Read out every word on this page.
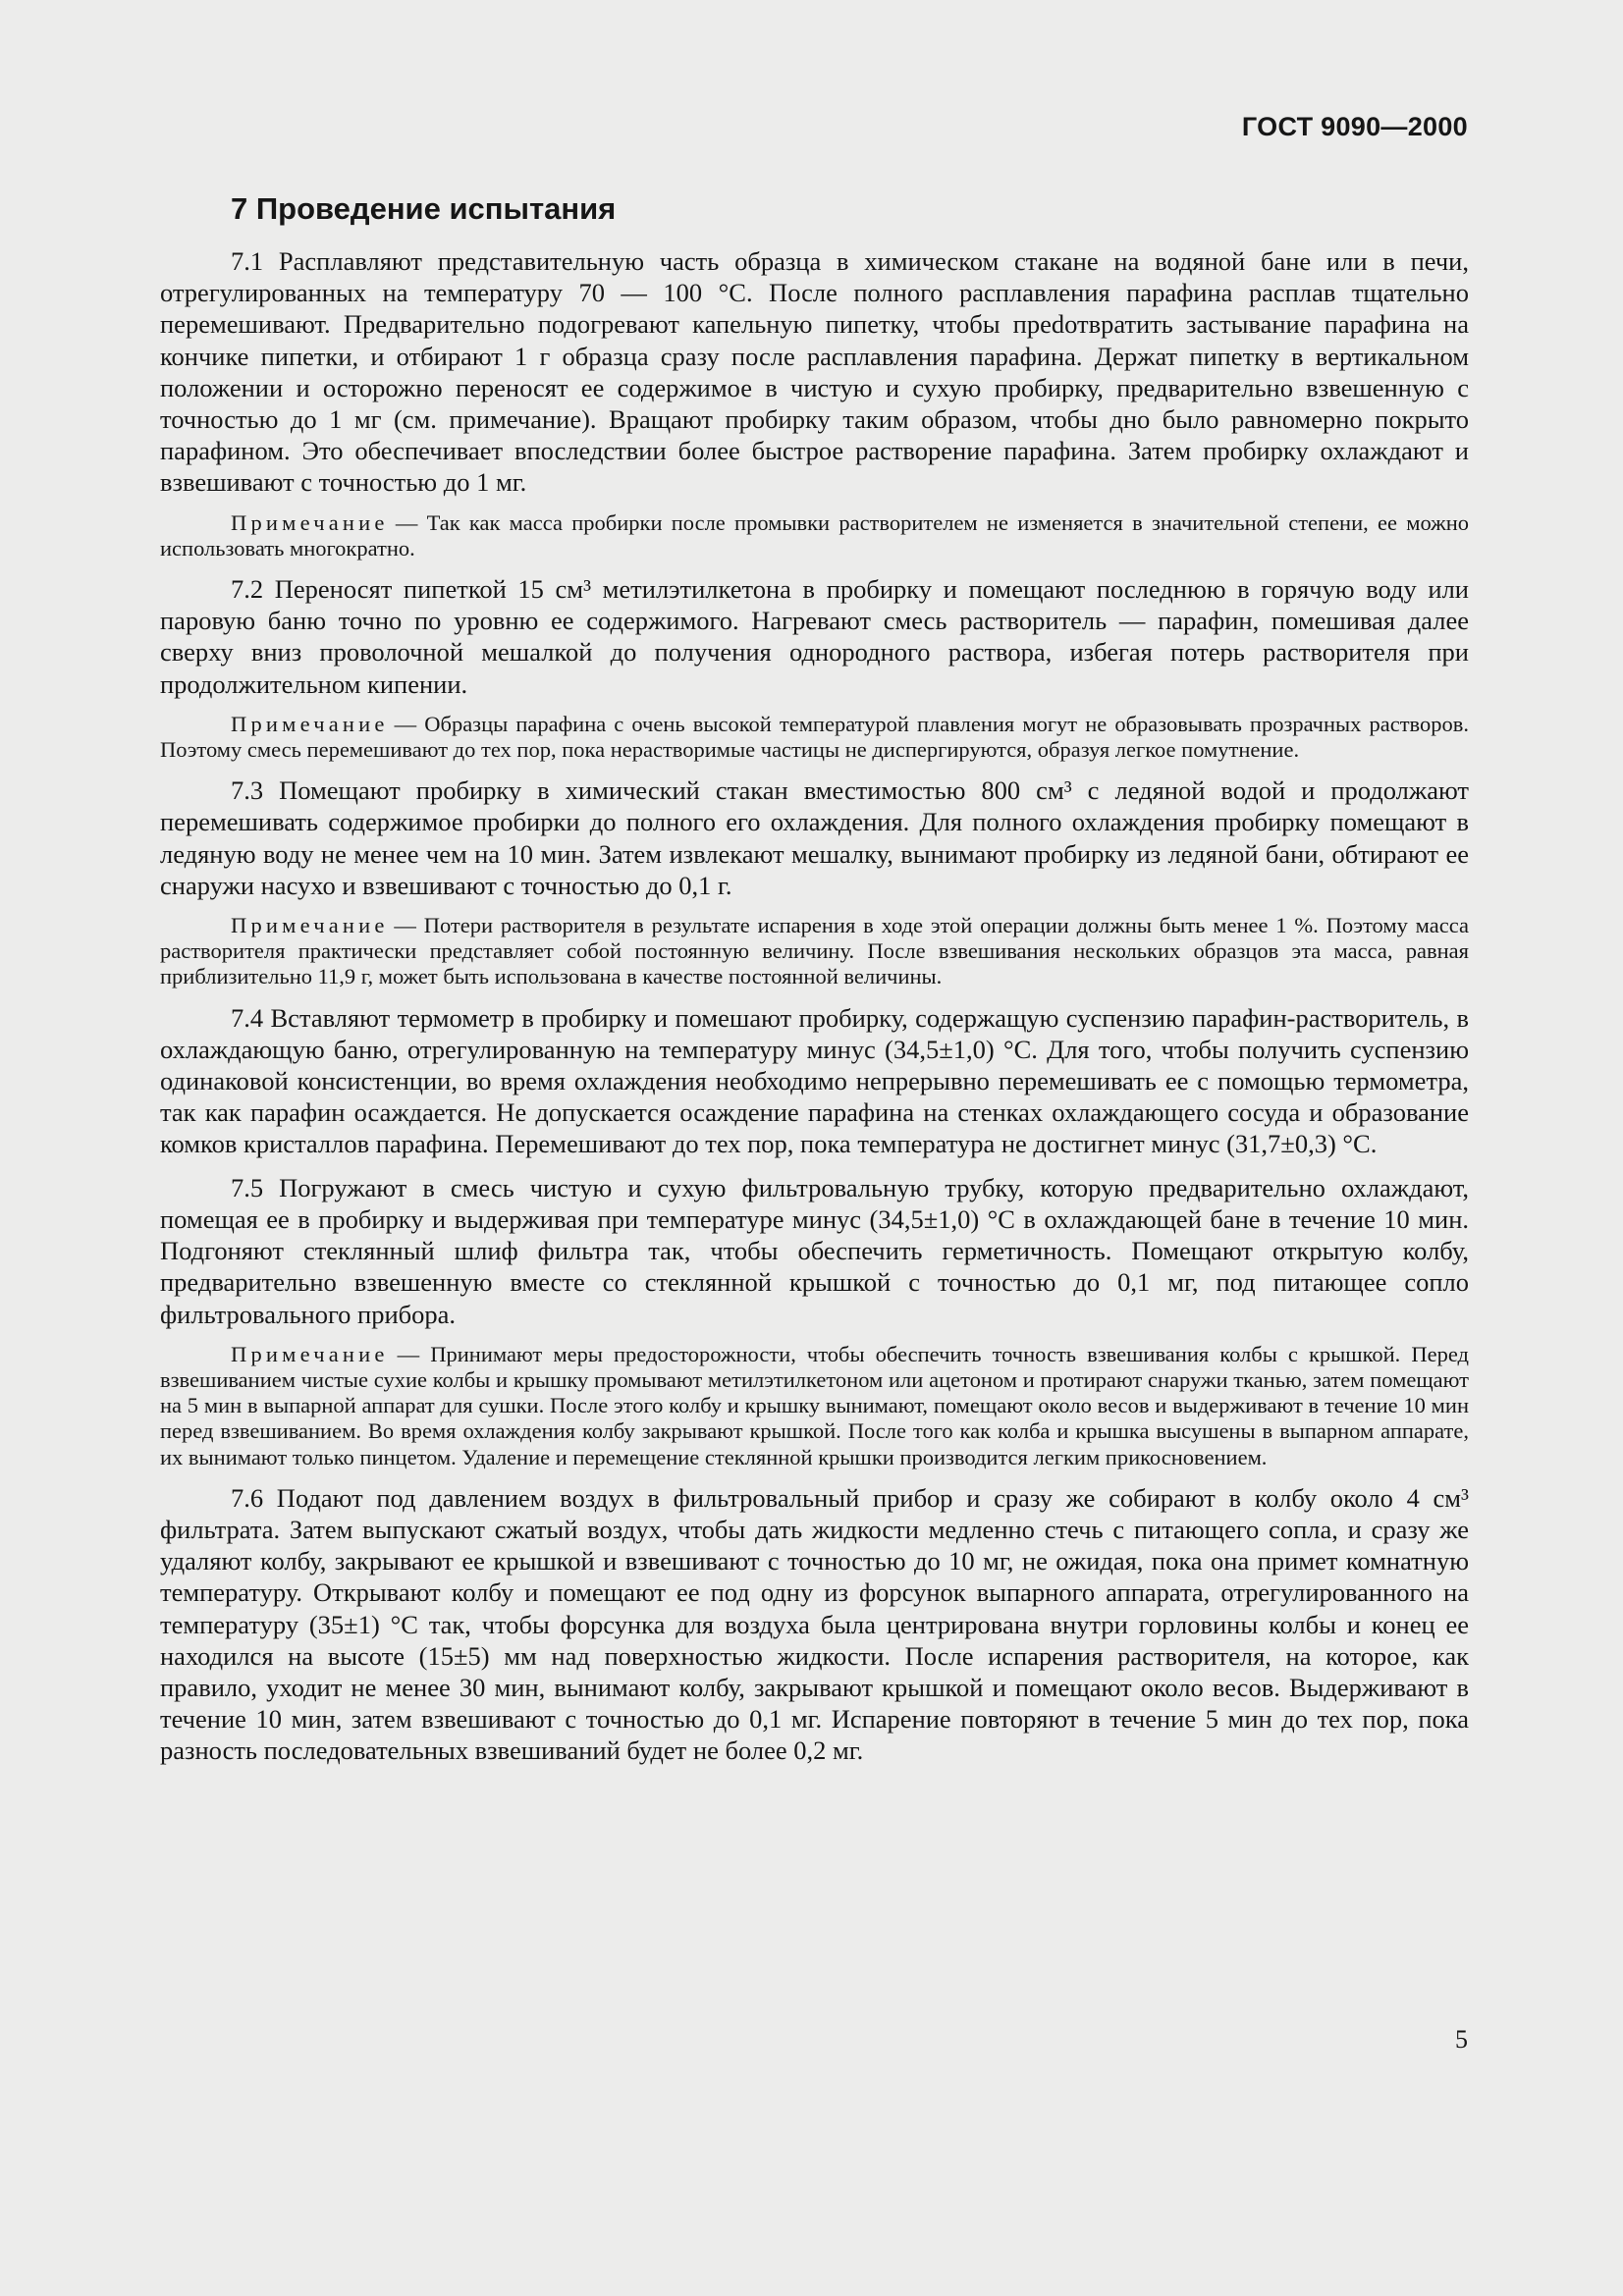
ГОСТ 9090—2000

7 Проведение испытания

7.1 Расплавляют представительную часть образца в химическом стакане на водяной бане или в печи, отрегулированных на температуру 70 — 100 °С. После полного расплавления парафина расплав тщательно перемешивают. Предварительно подогревают капельную пипетку, чтобы преdотвратить застывание парафина на кончике пипетки, и отбирают 1 г образца сразу после расплавления парафина. Держат пипетку в вертикальном положении и осторожно переносят ее содержимое в чистую и сухую пробирку, предварительно взвешенную с точностью до 1 мг (см. примечание). Вращают пробирку таким образом, чтобы дно было равномерно покрыто парафином. Это обеспечивает впоследствии более быстрое растворение парафина. Затем пробирку охлаждают и взвешивают с точностью до 1 мг.

Примечание — Так как масса пробирки после промывки растворителем не изменяется в значительной степени, ее можно использовать многократно.

7.2 Переносят пипеткой 15 см³ метилэтилкетона в пробирку и помещают последнюю в горячую воду или паровую баню точно по уровню ее содержимого. Нагревают смесь растворитель — парафин, помешивая далее сверху вниз проволочной мешалкой до получения однородного раствора, избегая потерь растворителя при продолжительном кипении.

Примечание — Образцы парафина с очень высокой температурой плавления могут не образовывать прозрачных растворов. Поэтому смесь перемешивают до тех пор, пока нерастворимые частицы не диспергируются, образуя легкое помутнение.

7.3 Помещают пробирку в химический стакан вместимостью 800 см³ с ледяной водой и продолжают перемешивать содержимое пробирки до полного его охлаждения. Для полного охлаждения пробирку помещают в ледяную воду не менее чем на 10 мин. Затем извлекают мешалку, вынимают пробирку из ледяной бани, обтирают ее снаружи насухо и взвешивают с точностью до 0,1 г.

Примечание — Потери растворителя в результате испарения в ходе этой операции должны быть менее 1 %. Поэтому масса растворителя практически представляет собой постоянную величину. После взвешивания нескольких образцов эта масса, равная приблизительно 11,9 г, может быть использована в качестве постоянной величины.

7.4 Вставляют термометр в пробирку и помешают пробирку, содержащую суспензию парафин-растворитель, в охлаждающую баню, отрегулированную на температуру минус (34,5±1,0) °С. Для того, чтобы получить суспензию одинаковой консистенции, во время охлаждения необходимо непрерывно перемешивать ее с помощью термометра, так как парафин осаждается. Не допускается осаждение парафина на стенках охлаждающего сосуда и образование комков кристаллов парафина. Перемешивают до тех пор, пока температура не достигнет минус (31,7±0,3) °С.

7.5 Погружают в смесь чистую и сухую фильтровальную трубку, которую предварительно охлаждают, помещая ее в пробирку и выдерживая при температуре минус (34,5±1,0) °С в охлаждающей бане в течение 10 мин. Подгоняют стеклянный шлиф фильтра так, чтобы обеспечить герметичность. Помещают открытую колбу, предварительно взвешенную вместе со стеклянной крышкой с точностью до 0,1 мг, под питающее сопло фильтровального прибора.

Примечание — Принимают меры предосторожности, чтобы обеспечить точность взвешивания колбы с крышкой. Перед взвешиванием чистые сухие колбы и крышку промывают метилэтилкетоном или ацетоном и протирают снаружи тканью, затем помещают на 5 мин в выпарной аппарат для сушки. После этого колбу и крышку вынимают, помещают около весов и выдерживают в течение 10 мин перед взвешиванием. Во время охлаждения колбу закрывают крышкой. После того как колба и крышка высушены в выпарном аппарате, их вынимают только пинцетом. Удаление и перемещение стеклянной крышки производится легким прикосновением.

7.6 Подают под давлением воздух в фильтровальный прибор и сразу же собирают в колбу около 4 см³ фильтрата. Затем выпускают сжатый воздух, чтобы дать жидкости медленно стечь с питающего сопла, и сразу же удаляют колбу, закрывают ее крышкой и взвешивают с точностью до 10 мг, не ожидая, пока она примет комнатную температуру. Открывают колбу и помещают ее под одну из форсунок выпарного аппарата, отрегулированного на температуру (35±1) °С так, чтобы форсунка для воздуха была центрирована внутри горловины колбы и конец ее находился на высоте (15±5) мм над поверхностью жидкости. После испарения растворителя, на которое, как правило, уходит не менее 30 мин, вынимают колбу, закрывают крышкой и помещают около весов. Выдерживают в течение 10 мин, затем взвешивают с точностью до 0,1 мг. Испарение повторяют в течение 5 мин до тех пор, пока разность последовательных взвешиваний будет не более 0,2 мг.

5
